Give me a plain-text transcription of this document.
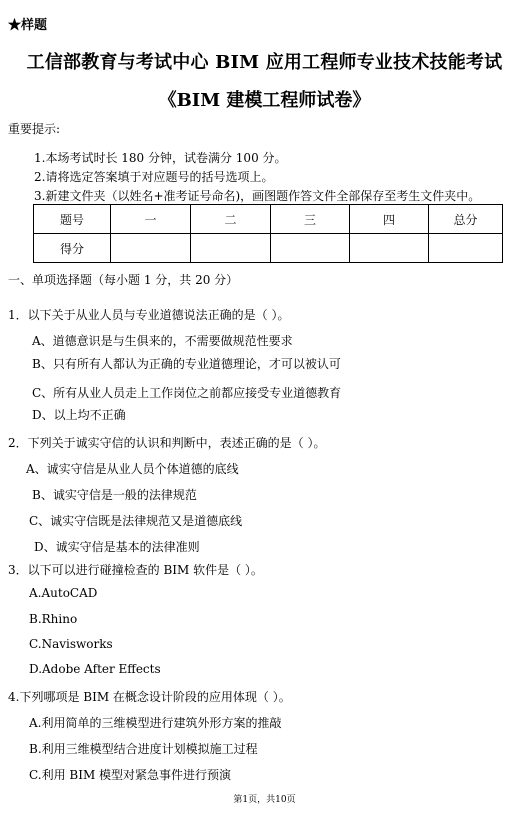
★样题
工信部教育与考试中心 BIM 应用工程师专业技术技能考试
《BIM 建模工程师试卷》
重要提示:
1.本场考试时长 180 分钟，试卷满分 100 分。
2.请将选定答案填于对应题号的括号选项上。
3.新建文件夹（以姓名+准考证号命名)，画图题作答文件全部保存至考生文件夹中。
题号	一	二	三	四	总分
得分					
一、单项选择题（每小题 1 分，共 20 分）
1．以下关于从业人员与专业道德说法正确的是（ ）。
A、道德意识是与生俱来的，不需要做规范性要求
B、只有所有人都认为正确的专业道德理论，才可以被认可
C、所有从业人员走上工作岗位之前都应接受专业道德教育
D、以上均不正确
2．下列关于诚实守信的认识和判断中，表述正确的是（ ）。
A、诚实守信是从业人员个体道德的底线
B、诚实守信是一般的法律规范
C、诚实守信既是法律规范又是道德底线
D、诚实守信是基本的法律准则
3．以下可以进行碰撞检查的 BIM 软件是（ ）。
A.AutoCAD
B.Rhino
C.Navisworks
D.Adobe After Effects
4.下列哪项是 BIM 在概念设计阶段的应用体现（ ）。
A.利用简单的三维模型进行建筑外形方案的推敲
B.利用三维模型结合进度计划模拟施工过程
C.利用 BIM 模型对紧急事件进行预演
第1页，共10页
